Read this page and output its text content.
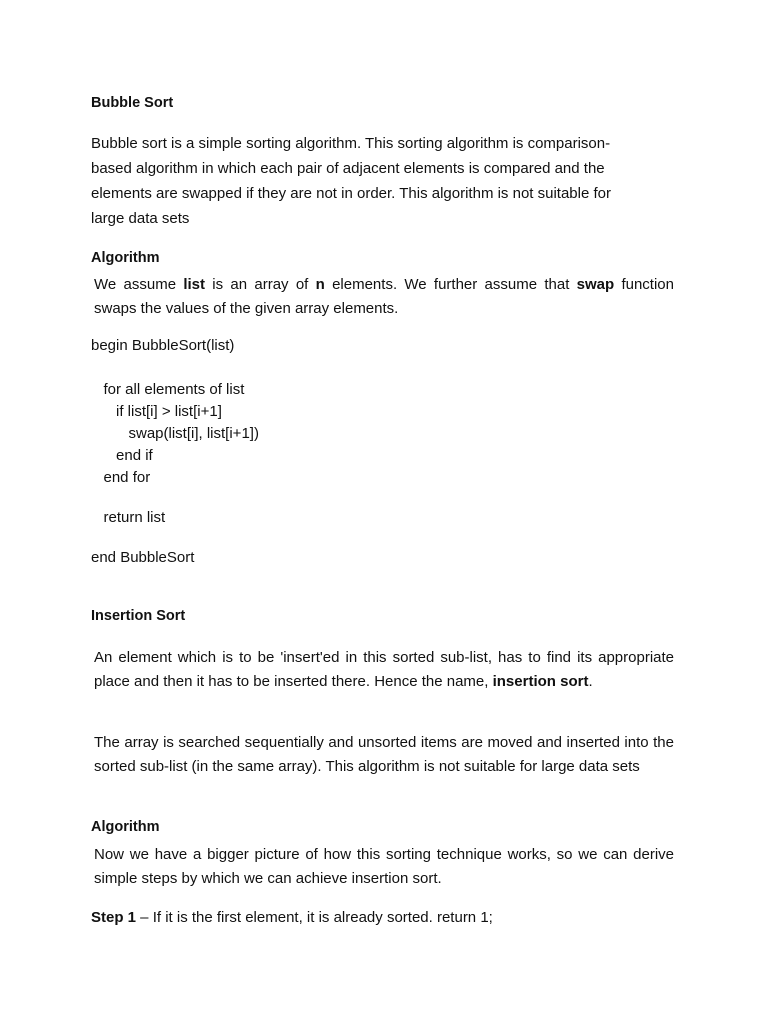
Bubble Sort
Bubble sort is a simple sorting algorithm. This sorting algorithm is comparison-
based algorithm in which each pair of adjacent elements is compared and the
elements are swapped if they are not in order. This algorithm is not suitable for
large data sets
Algorithm
We assume list is an array of n elements. We further assume that swap function swaps the values of the given array elements.
begin BubbleSort(list)
for all elements of list
if list[i] > list[i+1]
swap(list[i], list[i+1])
end if
end for
return list
end BubbleSort
Insertion Sort
An element which is to be 'insert'ed in this sorted sub-list, has to find its appropriate place and then it has to be inserted there. Hence the name, insertion sort.
The array is searched sequentially and unsorted items are moved and inserted into the sorted sub-list (in the same array). This algorithm is not suitable for large data sets
Algorithm
Now we have a bigger picture of how this sorting technique works, so we can derive simple steps by which we can achieve insertion sort.
Step 1 – If it is the first element, it is already sorted. return 1;
